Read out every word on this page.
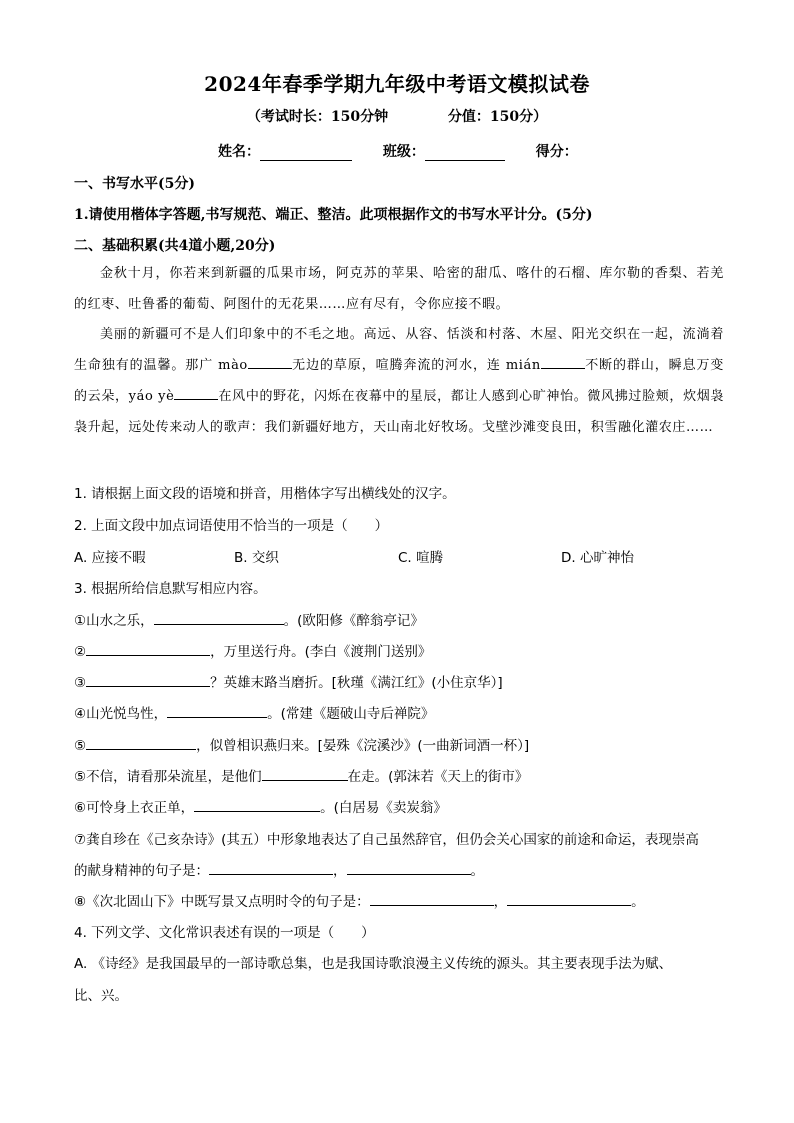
2024年春季学期九年级中考语文模拟试卷
（考试时长：150分钟	分值：150分）
姓名：	班级：	得分：
一、书写水平(5分)
1.请使用楷体字答题,书写规范、端正、整洁。此项根据作文的书写水平计分。(5分)
二、基础积累(共4道小题,20分)

金秋十月，你若来到新疆的瓜果市场，阿克苏的苹果、哈密的甜瓜、喀什的石榴、库尔勒的香梨、若羌的红枣、吐鲁番的葡萄、阿图什的无花果……应有尽有，令你应接不暇。

美丽的新疆可不是人们印象中的不毛之地。高远、从容、恬淡和村落、木屋、阳光交织在一起，流淌着生命独有的温馨。那广 mào	无边的草原，喧腾奔流的河水，连 mián	不断的群山，瞬息万变的云朵，yáo yè	在风中的野花，闪烁在夜幕中的星辰，都让人感到心旷神怡。微风拂过脸颊，炊烟袅袅升起，远处传来动人的歌声：我们新疆好地方，天山南北好牧场。戈壁沙滩变良田，积雪融化灌农庄……

1. 请根据上面文段的语境和拼音，用楷体字写出横线处的汉字。
2. 上面文段中加点词语使用不恰当的一项是（　　）
A. 应接不暇	B. 交织	C. 喧腾	D. 心旷神怡
3. 根据所给信息默写相应内容。
①山水之乐，	。(欧阳修《醉翁亭记》
②	，万里送行舟。(李白《渡荆门送别》
③	？英雄末路当磨折。[秋瑾《满江红》(小住京华）]
④山光悦鸟性，	。(常建《题破山寺后禅院》
⑤	，似曾相识燕归来。[晏殊《浣溪沙》(一曲新词酒一杯）]
⑤不信，请看那朵流星，是他们	在走。(郭沫若《天上的街市》
⑥可怜身上衣正单，	。(白居易《卖炭翁》
⑦龚自珍在《己亥杂诗》(其五）中形象地表达了自己虽然辞官，但仍会关心国家的前途和命运，表现崇高
的献身精神的句子是：	，	。
⑧《次北固山下》中既写景又点明时令的句子是：	，	。
4. 下列文学、文化常识表述有误的一项是（　　）
A. 《诗经》是我国最早的一部诗歌总集，也是我国诗歌浪漫主义传统的源头。其主要表现手法为赋、
比、兴。
